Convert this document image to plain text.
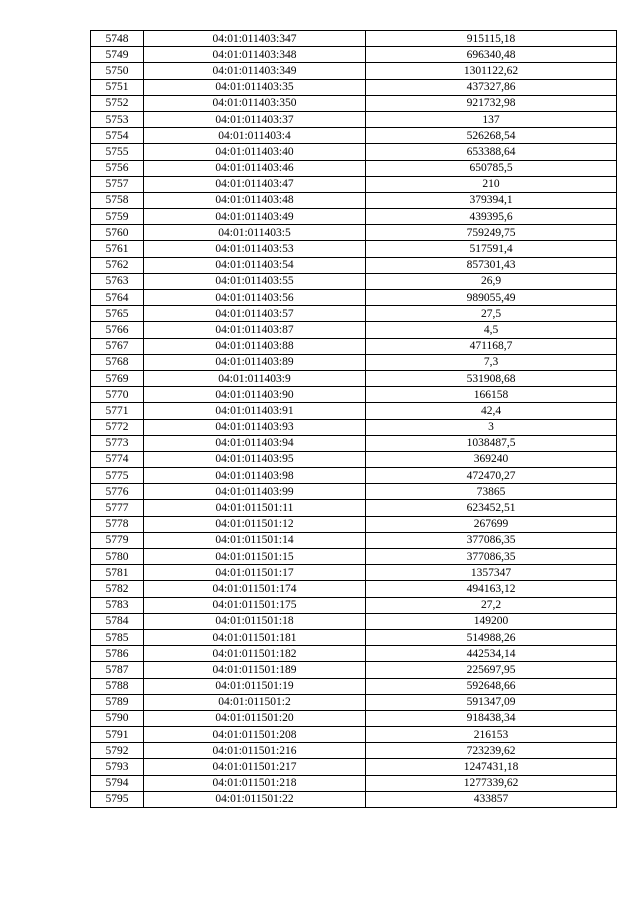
5748	04:01:011403:347	915115,18
5749	04:01:011403:348	696340,48
5750	04:01:011403:349	1301122,62
5751	04:01:011403:35	437327,86
5752	04:01:011403:350	921732,98
5753	04:01:011403:37	137
5754	04:01:011403:4	526268,54
5755	04:01:011403:40	653388,64
5756	04:01:011403:46	650785,5
5757	04:01:011403:47	210
5758	04:01:011403:48	379394,1
5759	04:01:011403:49	439395,6
5760	04:01:011403:5	759249,75
5761	04:01:011403:53	517591,4
5762	04:01:011403:54	857301,43
5763	04:01:011403:55	26,9
5764	04:01:011403:56	989055,49
5765	04:01:011403:57	27,5
5766	04:01:011403:87	4,5
5767	04:01:011403:88	471168,7
5768	04:01:011403:89	7,3
5769	04:01:011403:9	531908,68
5770	04:01:011403:90	166158
5771	04:01:011403:91	42,4
5772	04:01:011403:93	3
5773	04:01:011403:94	1038487,5
5774	04:01:011403:95	369240
5775	04:01:011403:98	472470,27
5776	04:01:011403:99	73865
5777	04:01:011501:11	623452,51
5778	04:01:011501:12	267699
5779	04:01:011501:14	377086,35
5780	04:01:011501:15	377086,35
5781	04:01:011501:17	1357347
5782	04:01:011501:174	494163,12
5783	04:01:011501:175	27,2
5784	04:01:011501:18	149200
5785	04:01:011501:181	514988,26
5786	04:01:011501:182	442534,14
5787	04:01:011501:189	225697,95
5788	04:01:011501:19	592648,66
5789	04:01:011501:2	591347,09
5790	04:01:011501:20	918438,34
5791	04:01:011501:208	216153
5792	04:01:011501:216	723239,62
5793	04:01:011501:217	1247431,18
5794	04:01:011501:218	1277339,62
5795	04:01:011501:22	433857
